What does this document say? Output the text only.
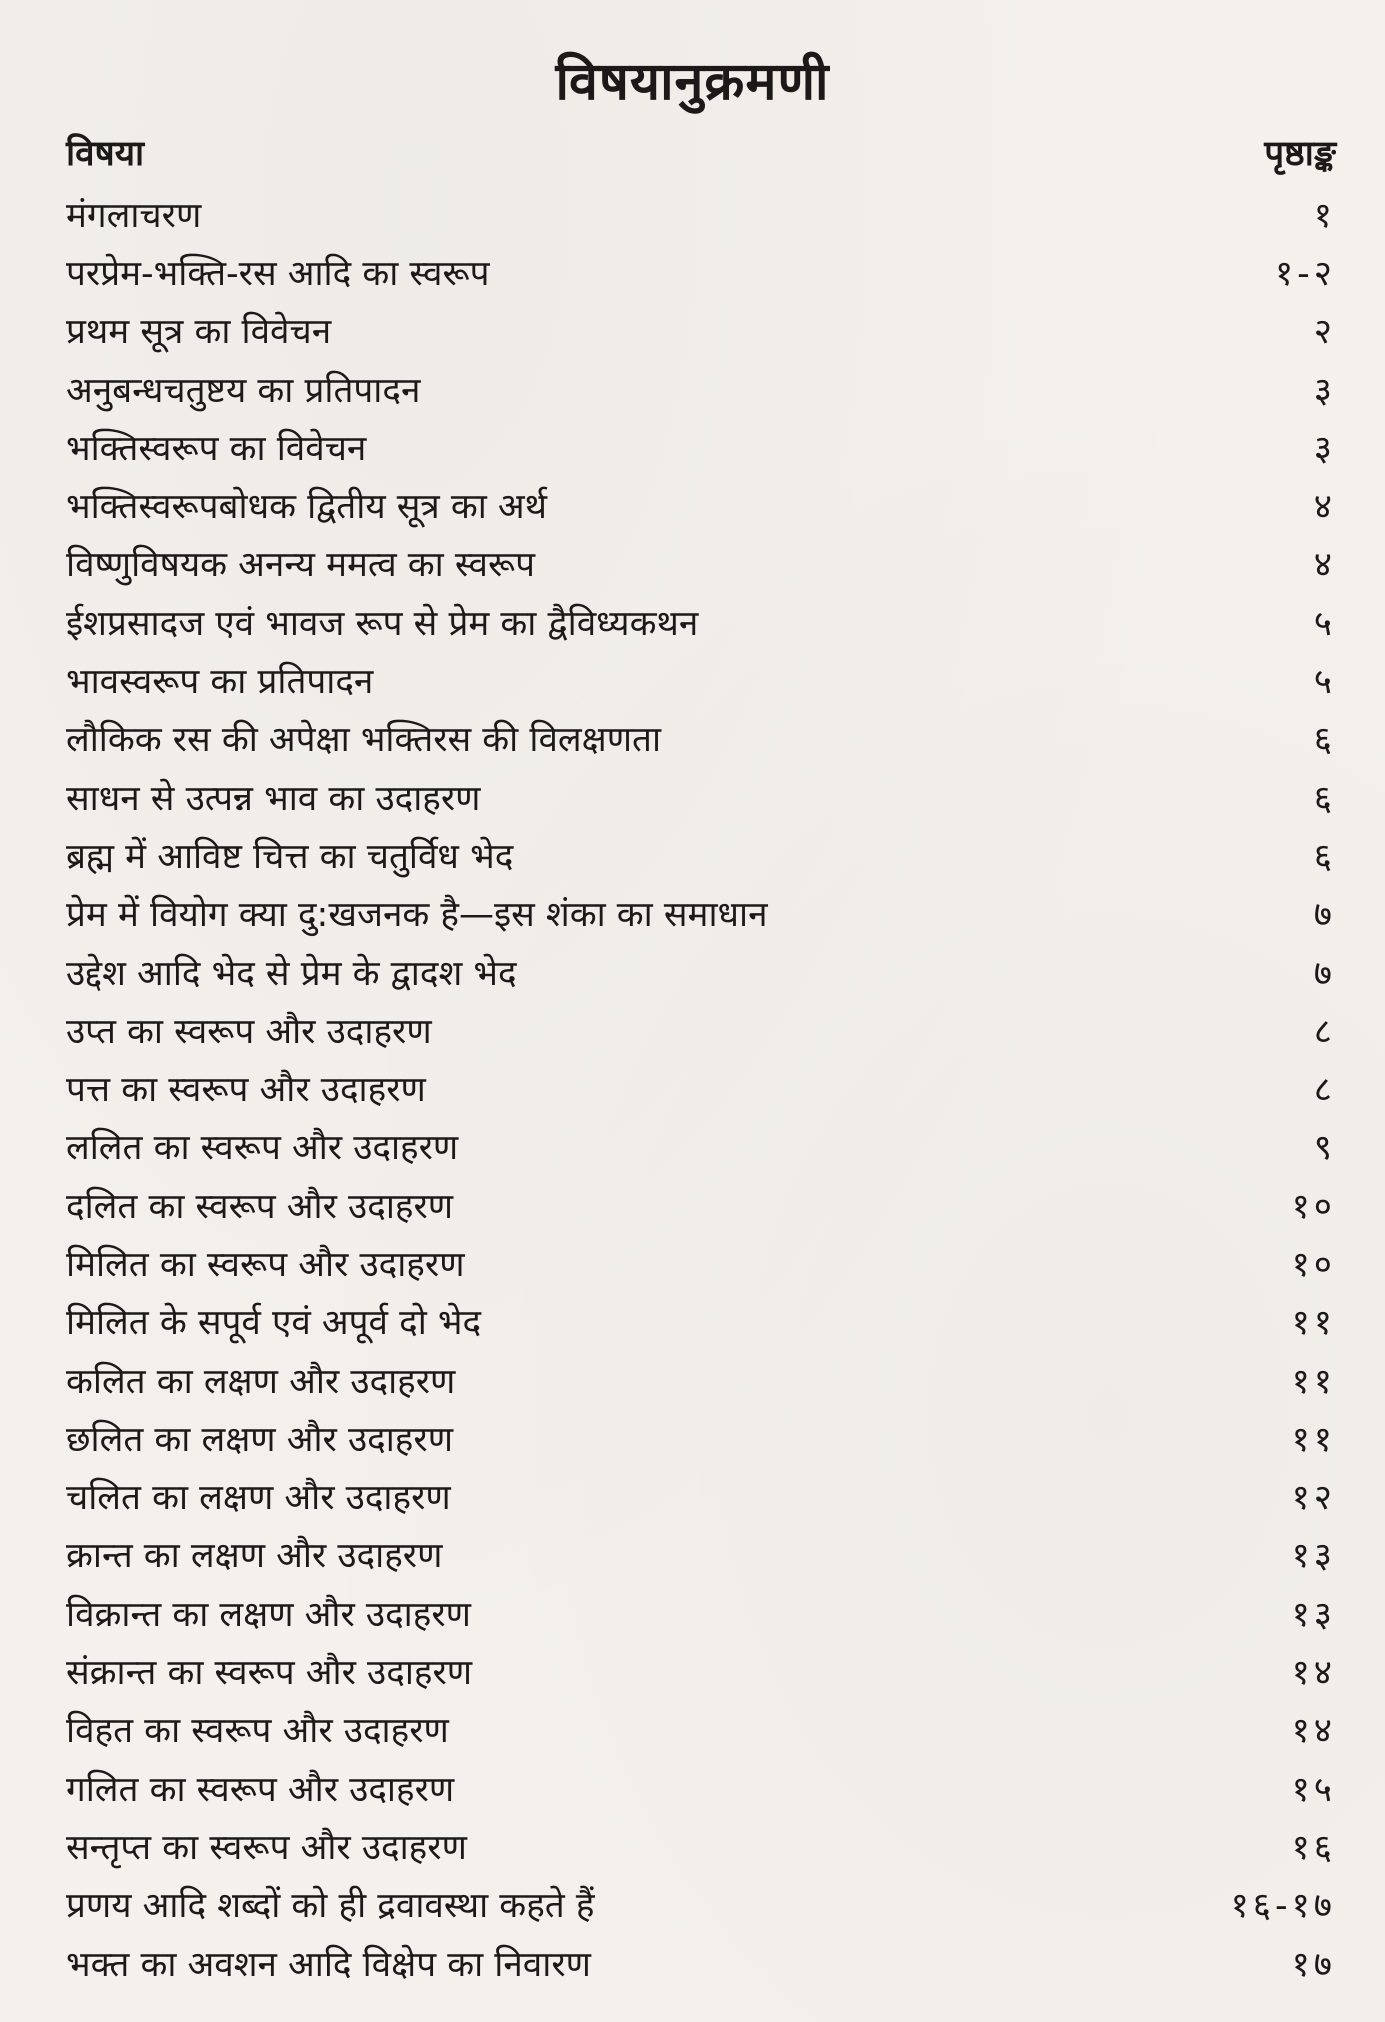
विषयानुक्रमणी
विषया	पृष्ठाङ्क
मंगलाचरण	१
परप्रेम-भक्ति-रस आदि का स्वरूप	१-२
प्रथम सूत्र का विवेचन	२
अनुबन्धचतुष्टय का प्रतिपादन	३
भक्तिस्वरूप का विवेचन	३
भक्तिस्वरूपबोधक द्वितीय सूत्र का अर्थ	४
विष्णुविषयक अनन्य ममत्व का स्वरूप	४
ईशप्रसादज एवं भावज रूप से प्रेम का द्वैविध्यकथन	५
भावस्वरूप का प्रतिपादन	५
लौकिक रस की अपेक्षा भक्तिरस की विलक्षणता	६
साधन से उत्पन्न भाव का उदाहरण	६
ब्रह्म में आविष्ट चित्त का चतुर्विध भेद	६
प्रेम में वियोग क्या दु:खजनक है—इस शंका का समाधान	७
उद्देश आदि भेद से प्रेम के द्वादश भेद	७
उप्त का स्वरूप और उदाहरण	८
पत्त का स्वरूप और उदाहरण	८
ललित का स्वरूप और उदाहरण	९
दलित का स्वरूप और उदाहरण	१०
मिलित का स्वरूप और उदाहरण	१०
मिलित के सपूर्व एवं अपूर्व दो भेद	११
कलित का लक्षण और उदाहरण	११
छलित का लक्षण और उदाहरण	११
चलित का लक्षण और उदाहरण	१२
क्रान्त का लक्षण और उदाहरण	१३
विक्रान्त का लक्षण और उदाहरण	१३
संक्रान्त का स्वरूप और उदाहरण	१४
विहत का स्वरूप और उदाहरण	१४
गलित का स्वरूप और उदाहरण	१५
सन्तृप्त का स्वरूप और उदाहरण	१६
प्रणय आदि शब्दों को ही द्रवावस्था कहते हैं	१६-१७
भक्त का अवशन आदि विक्षेप का निवारण	१७
